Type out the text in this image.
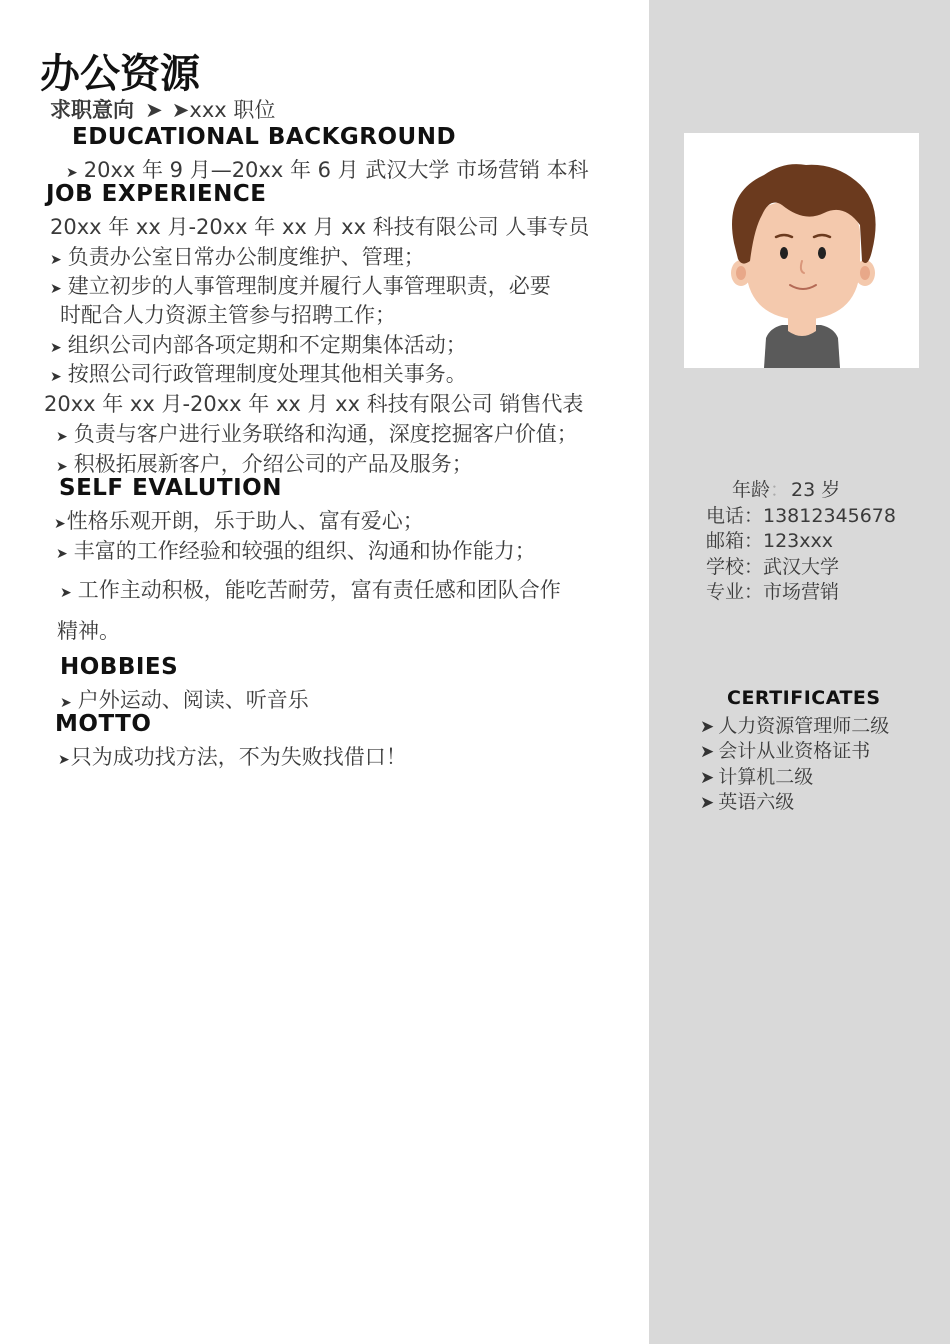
办公资源
求职意向 ➤ ➤xxx 职位
EDUCATIONAL BACKGROUND
➤ 20xx 年 9 月—20xx 年 6 月 武汉大学 市场营销 本科
JOB EXPERIENCE
20xx 年 xx 月-20xx 年 xx 月 xx 科技有限公司 人事专员
➤ 负责办公室日常办公制度维护、管理；
➤ 建立初步的人事管理制度并履行人事管理职责，必要
时配合人力资源主管参与招聘工作；
➤ 组织公司内部各项定期和不定期集体活动；
➤ 按照公司行政管理制度处理其他相关事务。
20xx 年 xx 月-20xx 年 xx 月 xx 科技有限公司 销售代表
➤ 负责与客户进行业务联络和沟通，深度挖掘客户价值；
➤ 积极拓展新客户，介绍公司的产品及服务；
SELF EVALUTION
➤性格乐观开朗，乐于助人、富有爱心；
➤ 丰富的工作经验和较强的组织、沟通和协作能力；
➤ 工作主动积极，能吃苦耐劳，富有责任感和团队合作
精神。
HOBBIES
➤ 户外运动、阅读、听音乐
MOTTO
➤只为成功找方法，不为失败找借口！
年龄： 23 岁
电话：13812345678
邮箱：123xxx
学校：武汉大学
专业：市场营销
CERTIFICATES
➤ 人力资源管理师二级
➤ 会计从业资格证书
➤ 计算机二级
➤ 英语六级
